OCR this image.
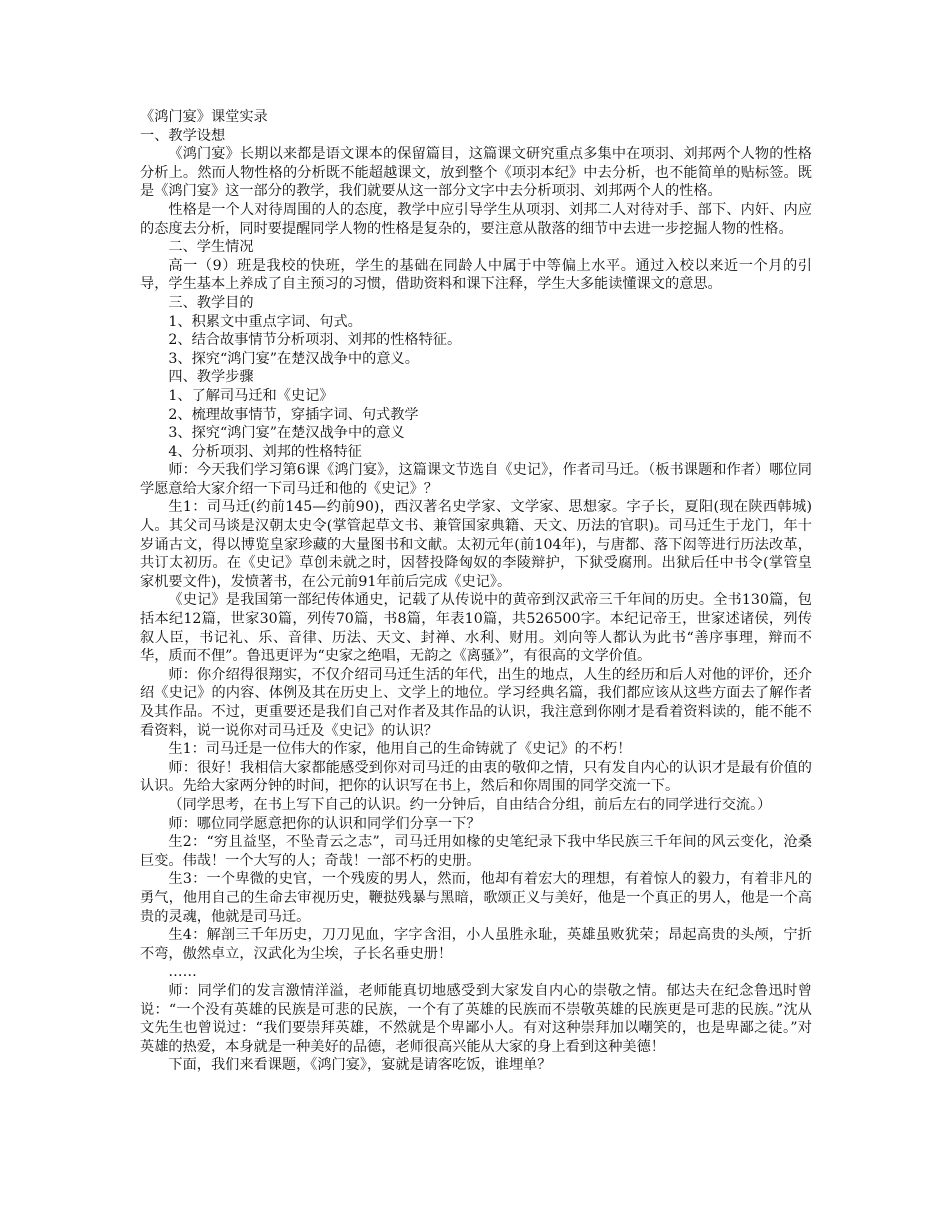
《鸿门宴》课堂实录

一、教学设想

《鸿门宴》长期以来都是语文课本的保留篇目，这篇课文研究重点多集中在项羽、刘邦两个人物的性格分析上。然而人物性格的分析既不能超越课文，放到整个《项羽本纪》中去分析，也不能简单的贴标签。既是《鸿门宴》这一部分的教学，我们就要从这一部分文字中去分析项羽、刘邦两个人的性格。

性格是一个人对待周围的人的态度，教学中应引导学生从项羽、刘邦二人对待对手、部下、内奸、内应的态度去分析，同时要提醒同学人物的性格是复杂的，要注意从散落的细节中去进一步挖掘人物的性格。

二、学生情况

高一（9）班是我校的快班，学生的基础在同龄人中属于中等偏上水平。通过入校以来近一个月的引导，学生基本上养成了自主预习的习惯，借助资料和课下注释，学生大多能读懂课文的意思。

三、教学目的

1、积累文中重点字词、句式。

2、结合故事情节分析项羽、刘邦的性格特征。

3、探究“鸿门宴”在楚汉战争中的意义。

四、教学步骤

1、了解司马迁和《史记》

2、梳理故事情节，穿插字词、句式教学

3、探究“鸿门宴”在楚汉战争中的意义

4、分析项羽、刘邦的性格特征

师：今天我们学习第6课《鸿门宴》，这篇课文节选自《史记》，作者司马迁。（板书课题和作者）哪位同学愿意给大家介绍一下司马迁和他的《史记》？

生1：司马迁(约前145—约前90)，西汉著名史学家、文学家、思想家。字子长，夏阳(现在陕西韩城)人。其父司马谈是汉朝太史令(掌管起草文书、兼管国家典籍、天文、历法的官职)。司马迁生于龙门，年十岁诵古文，得以博览皇家珍藏的大量图书和文献。太初元年(前104年)，与唐都、落下闳等进行历法改革，共订太初历。在《史记》草创未就之时，因替投降匈奴的李陵辩护，下狱受腐刑。出狱后任中书令(掌管皇家机要文件)，发愤著书，在公元前91年前后完成《史记》。

《史记》是我国第一部纪传体通史，记载了从传说中的黄帝到汉武帝三千年间的历史。全书130篇，包括本纪12篇，世家30篇，列传70篇，书8篇，年表10篇，共526500字。本纪记帝王，世家述诸侯，列传叙人臣，书记礼、乐、音律、历法、天文、封禅、水利、财用。刘向等人都认为此书“善序事理，辩而不华，质而不俚”。鲁迅更评为“史家之绝唱，无韵之《离骚》”，有很高的文学价值。

师：你介绍得很翔实，不仅介绍司马迁生活的年代，出生的地点，人生的经历和后人对他的评价，还介绍《史记》的内容、体例及其在历史上、文学上的地位。学习经典名篇，我们都应该从这些方面去了解作者及其作品。不过，更重要还是我们自己对作者及其作品的认识，我注意到你刚才是看着资料读的，能不能不看资料，说一说你对司马迁及《史记》的认识？

生1：司马迁是一位伟大的作家，他用自己的生命铸就了《史记》的不朽！

师：很好！我相信大家都能感受到你对司马迁的由衷的敬仰之情，只有发自内心的认识才是最有价值的认识。先给大家两分钟的时间，把你的认识写在书上，然后和你周围的同学交流一下。

（同学思考，在书上写下自己的认识。约一分钟后，自由结合分组，前后左右的同学进行交流。）

师：哪位同学愿意把你的认识和同学们分享一下？

生2：“穷且益坚，不坠青云之志”，司马迁用如椽的史笔纪录下我中华民族三千年间的风云变化，沧桑巨变。伟哉！一个大写的人；奇哉！一部不朽的史册。

生3：一个卑微的史官，一个残废的男人，然而，他却有着宏大的理想，有着惊人的毅力，有着非凡的勇气，他用自己的生命去审视历史，鞭挞残暴与黑暗，歌颂正义与美好，他是一个真正的男人，他是一个高贵的灵魂，他就是司马迁。

生4：解剖三千年历史，刀刀见血，字字含泪，小人虽胜永耻，英雄虽败犹荣；昂起高贵的头颅，宁折不弯，傲然卓立，汉武化为尘埃，子长名垂史册！

……

师：同学们的发言激情洋溢，老师能真切地感受到大家发自内心的崇敬之情。郁达夫在纪念鲁迅时曾说：“一个没有英雄的民族是可悲的民族，一个有了英雄的民族而不崇敬英雄的民族更是可悲的民族。”沈从文先生也曾说过：“我们要崇拜英雄，不然就是个卑鄙小人。有对这种崇拜加以嘲笑的，也是卑鄙之徒。”对英雄的热爱，本身就是一种美好的品德，老师很高兴能从大家的身上看到这种美德！

下面，我们来看课题，《鸿门宴》，宴就是请客吃饭，谁埋单？
